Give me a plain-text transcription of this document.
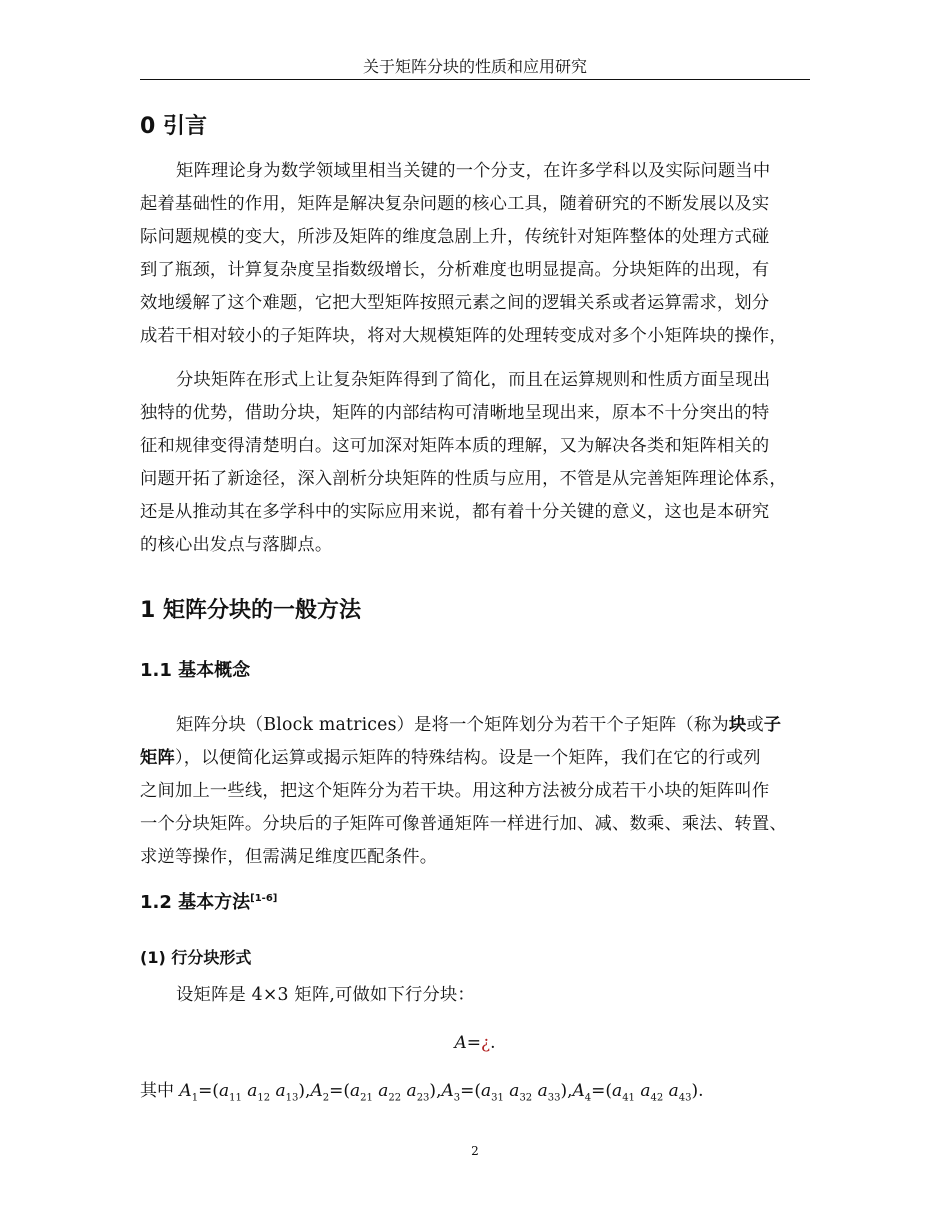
关于矩阵分块的性质和应用研究
0 引言
矩阵理论身为数学领域里相当关键的一个分支，在许多学科以及实际问题当中
起着基础性的作用，矩阵是解决复杂问题的核心工具，随着研究的不断发展以及实
际问题规模的变大，所涉及矩阵的维度急剧上升，传统针对矩阵整体的处理方式碰
到了瓶颈，计算复杂度呈指数级增长，分析难度也明显提高。分块矩阵的出现，有
效地缓解了这个难题，它把大型矩阵按照元素之间的逻辑关系或者运算需求，划分
成若干相对较小的子矩阵块，将对大规模矩阵的处理转变成对多个小矩阵块的操作，
分块矩阵在形式上让复杂矩阵得到了简化，而且在运算规则和性质方面呈现出
独特的优势，借助分块，矩阵的内部结构可清晰地呈现出来，原本不十分突出的特
征和规律变得清楚明白。这可加深对矩阵本质的理解，又为解决各类和矩阵相关的
问题开拓了新途径，深入剖析分块矩阵的性质与应用，不管是从完善矩阵理论体系，
还是从推动其在多学科中的实际应用来说，都有着十分关键的意义，这也是本研究
的核心出发点与落脚点。
1 矩阵分块的一般方法
1.1 基本概念
矩阵分块（Block matrices）是将一个矩阵划分为若干个子矩阵（称为块或子
矩阵），以便简化运算或揭示矩阵的特殊结构。设是一个矩阵，我们在它的行或列
之间加上一些线，把这个矩阵分为若干块。用这种方法被分成若干小块的矩阵叫作
一个分块矩阵。分块后的子矩阵可像普通矩阵一样进行加、减、数乘、乘法、转置、
求逆等操作，但需满足维度匹配条件。
1.2 基本方法[1-6]
(1) 行分块形式
设矩阵是 4×3 矩阵,可做如下行分块：
A=¿.
其中 $A_1=(a_{11}$ $a_{12}$ $a_{13}),A_2=(a_{21}$ $a_{22}$ $a_{23}),A_3=(a_{31}$ $a_{32}$ $a_{33}),A_4=(a_{41}$ $a_{42}$ $a_{43}$).
2
